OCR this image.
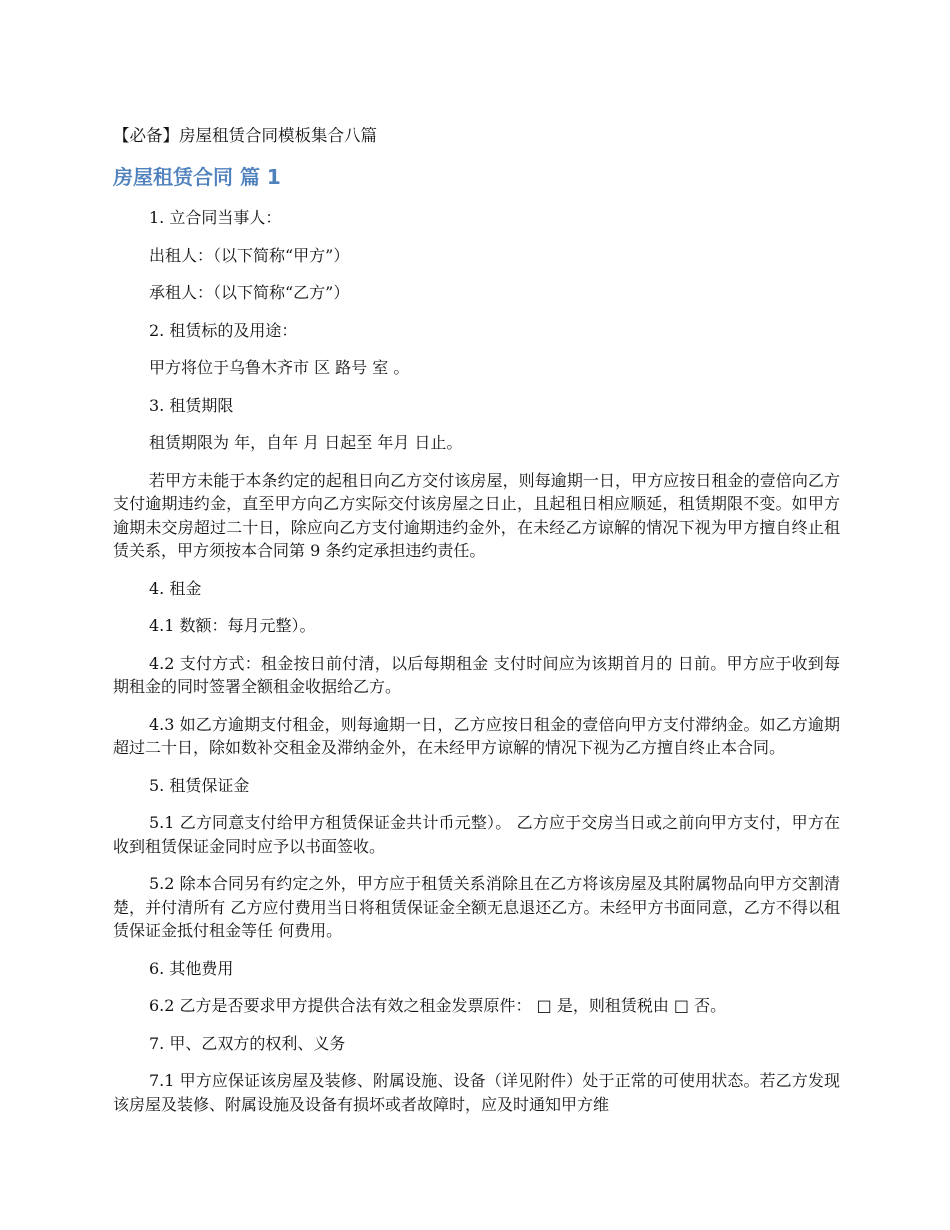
【必备】房屋租赁合同模板集合八篇
房屋租赁合同 篇 1

1. 立合同当事人：

出租人：（以下简称“甲方”）

承租人：（以下简称“乙方”）

2. 租赁标的及用途：

甲方将位于乌鲁木齐市 区 路号 室 。

3. 租赁期限

租赁期限为 年，自年 月 日起至 年月 日止。

若甲方未能于本条约定的起租日向乙方交付该房屋，则每逾期一日，甲方应按日租金的壹倍向乙方支付逾期违约金，直至甲方向乙方实际交付该房屋之日止，且起租日相应顺延，租赁期限不变。如甲方逾期未交房超过二十日，除应向乙方支付逾期违约金外，在未经乙方谅解的情况下视为甲方擅自终止租赁关系，甲方须按本合同第 9 条约定承担违约责任。

4. 租金

4.1 数额：每月元整）。

4.2 支付方式：租金按日前付清，以后每期租金 支付时间应为该期首月的 日前。甲方应于收到每期租金的同时签署全额租金收据给乙方。

4.3 如乙方逾期支付租金，则每逾期一日，乙方应按日租金的壹倍向甲方支付滞纳金。如乙方逾期超过二十日，除如数补交租金及滞纳金外，在未经甲方谅解的情况下视为乙方擅自终止本合同。

5. 租赁保证金

5.1 乙方同意支付给甲方租赁保证金共计币元整）。 乙方应于交房当日或之前向甲方支付，甲方在收到租赁保证金同时应予以书面签收。

5.2 除本合同另有约定之外，甲方应于租赁关系消除且在乙方将该房屋及其附属物品向甲方交割清楚，并付清所有 乙方应付费用当日将租赁保证金全额无息退还乙方。未经甲方书面同意，乙方不得以租赁保证金抵付租金等任 何费用。

6. 其他费用

6.2 乙方是否要求甲方提供合法有效之租金发票原件： □ 是，则租赁税由 □ 否。

7. 甲、乙双方的权利、义务

7.1 甲方应保证该房屋及装修、附属设施、设备（详见附件）处于正常的可使用状态。若乙方发现该房屋及装修、附属设施及设备有损坏或者故障时，应及时通知甲方维
